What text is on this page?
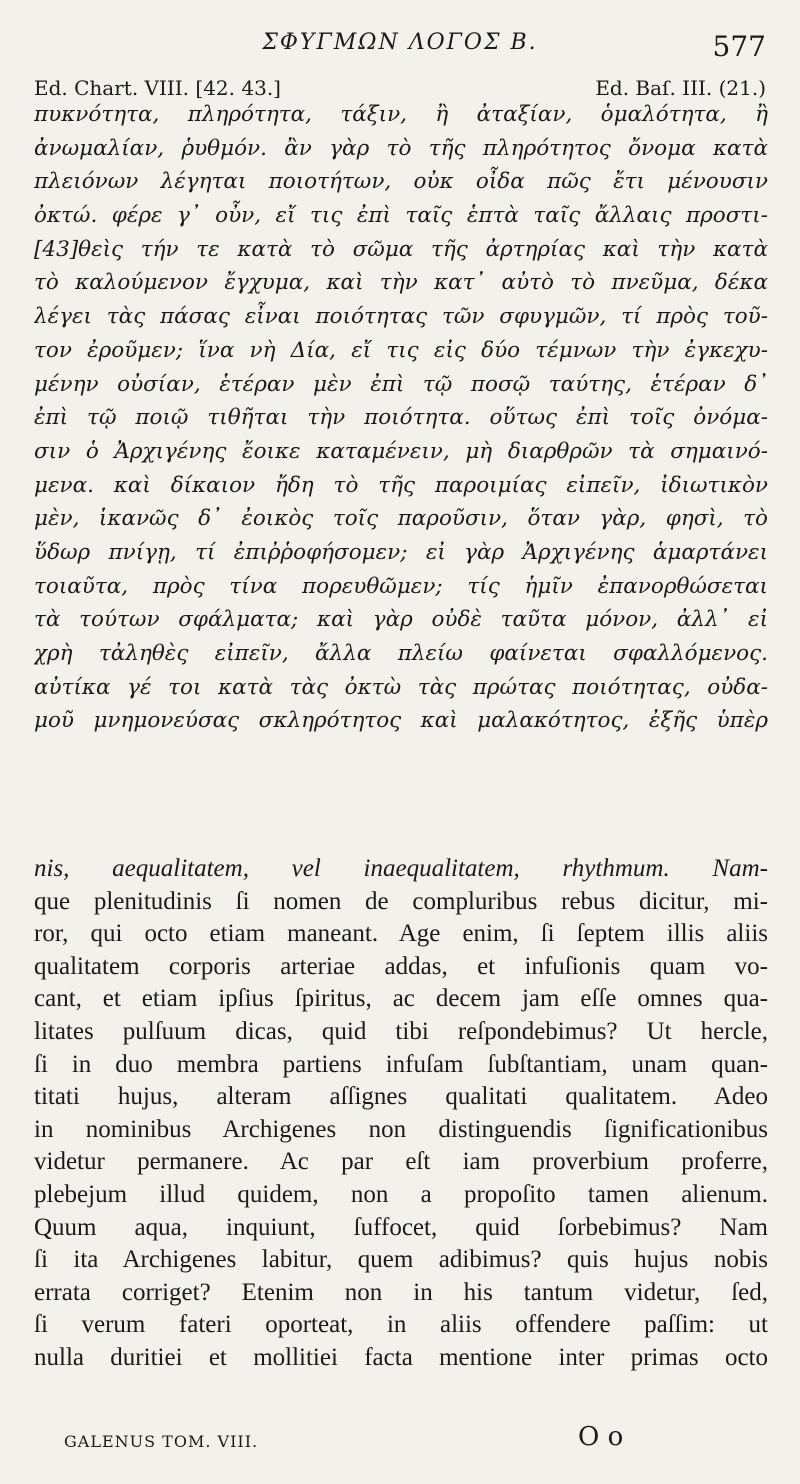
ΣΦΥΓΜΩΝ ΛΟΓΟΣ Β.	577
Ed. Chart. VIII. [42. 43.]	Ed. Baſ. III. (21.)
πυκνότητα, πληρότητα, τάξιν, ἢ ἀταξίαν, ὁμαλότητα, ἢ
ἀνωμαλίαν, ῥυθμόν. ἂν γὰρ τὸ τῆς πληρότητος ὄνομα κατὰ
πλειόνων λέγηται ποιοτήτων, οὐκ οἶδα πῶς ἔτι μένουσιν
ὀκτώ. φέρε γ᾽ οὖν, εἴ τις ἐπὶ ταῖς ἑπτὰ ταῖς ἄλλαις προστι-
[43]θεὶς τήν τε κατὰ τὸ σῶμα τῆς ἀρτηρίας καὶ τὴν κατὰ
τὸ καλούμενον ἔγχυμα, καὶ τὴν κατ᾽ αὐτὸ τὸ πνεῦμα, δέκα
λέγει τὰς πάσας εἶναι ποιότητας τῶν σφυγμῶν, τί πρὸς τοῦ-
τον ἐροῦμεν; ἵνα νὴ Δία, εἴ τις εἰς δύο τέμνων τὴν ἐγκεχυ-
μένην οὐσίαν, ἑτέραν μὲν ἐπὶ τῷ ποσῷ ταύτης, ἑτέραν δ᾽
ἐπὶ τῷ ποιῷ τιθῆται τὴν ποιότητα. οὕτως ἐπὶ τοῖς ὀνόμα-
σιν ὁ Ἀρχιγένης ἔοικε καταμένειν, μὴ διαρθρῶν τὰ σημαινό-
μενα. καὶ δίκαιον ἤδη τὸ τῆς παροιμίας εἰπεῖν, ἰδιωτικὸν
μὲν, ἱκανῶς δ᾽ ἐοικὸς τοῖς παροῦσιν, ὅταν γὰρ, φησὶ, τὸ
ὕδωρ πνίγῃ, τί ἐπιῤῥοφήσομεν; εἰ γὰρ Ἀρχιγένης ἁμαρτάνει
τοιαῦτα, πρὸς τίνα πορευθῶμεν; τίς ἡμῖν ἐπανορθώσεται
τὰ τούτων σφάλματα; καὶ γὰρ οὐδὲ ταῦτα μόνον, ἀλλ᾽ εἰ
χρὴ τἀληθὲς εἰπεῖν, ἄλλα πλείω φαίνεται σφαλλόμενος.
αὐτίκα γέ τοι κατὰ τὰς ὀκτὼ τὰς πρώτας ποιότητας, οὐδα-
μοῦ μνημονεύσας σκληρότητος καὶ μαλακότητος, ἐξῆς ὑπὲρ
nis, aequalitatem, vel inaequalitatem, rhythmum. Nam-
que plenitudinis ſi nomen de compluribus rebus dicitur, mi-
ror, qui octo etiam maneant. Age enim, ſi ſeptem illis aliis
qualitatem corporis arteriae addas, et infuſionis quam vo-
cant, et etiam ipſius ſpiritus, ac decem jam eſſe omnes qua-
litates pulſuum dicas, quid tibi reſpondebimus? Ut hercle,
ſi in duo membra partiens infuſam ſubſtantiam, unam quan-
titati hujus, alteram aſſignes qualitati qualitatem. Adeo
in nominibus Archigenes non distinguendis ſignificationibus
videtur permanere. Ac par eſt iam proverbium proferre,
plebejum illud quidem, non a propoſito tamen alienum.
Quum aqua, inquiunt, ſuffocet, quid ſorbebimus? Nam
ſi ita Archigenes labitur, quem adibimus? quis hujus nobis
errata corriget? Etenim non in his tantum videtur, ſed,
ſi verum fateri oporteat, in aliis offendere paſſim: ut
nulla duritiei et mollitiei facta mentione inter primas octo
GALENUS TOM. VIII.	O o
